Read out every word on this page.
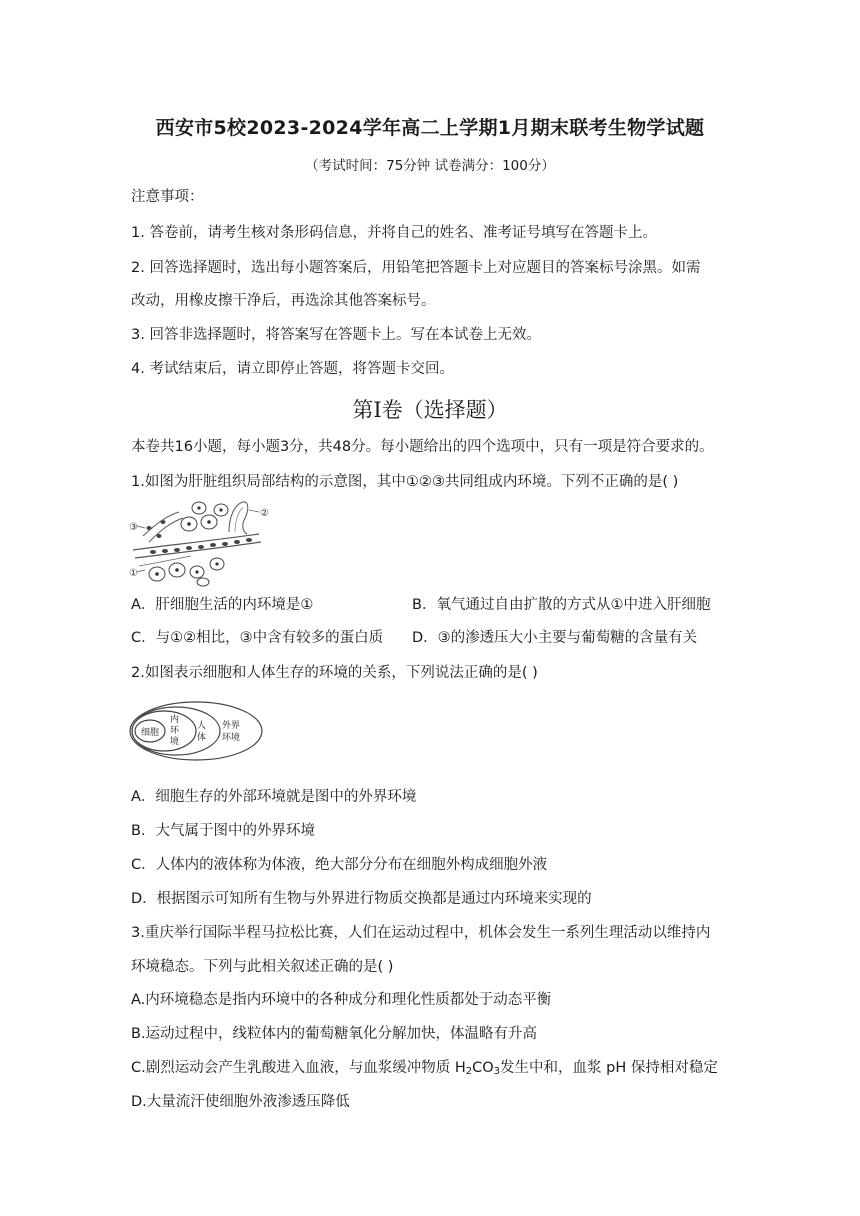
西安市5校2023-2024学年高二上学期1月期末联考生物学试题
（考试时间：75分钟 试卷满分：100分）
注意事项：
1. 答卷前，请考生核对条形码信息，并将自己的姓名、准考证号填写在答题卡上。
2. 回答选择题时，选出每小题答案后，用铅笔把答题卡上对应题目的答案标号涂黑。如需
改动，用橡皮擦干净后，再选涂其他答案标号。
3. 回答非选择题时，将答案写在答题卡上。写在本试卷上无效。
4. 考试结束后，请立即停止答题，将答题卡交回。
第Ⅰ卷（选择题）
本卷共16小题，每小题3分，共48分。每小题给出的四个选项中，只有一项是符合要求的。
1.如图为肝脏组织局部结构的示意图，其中①②③共同组成内环境。下列不正确的是( )
②
③
①
A．肝细胞生活的内环境是①	B．氧气通过自由扩散的方式从①中进入肝细胞
C．与①②相比，③中含有较多的蛋白质 D．③的渗透压大小主要与葡萄糖的含量有关
2.如图表示细胞和人体生存的环境的关系，下列说法正确的是( )
细胞
内
环
境
人
体
外界
环境
A．细胞生存的外部环境就是图中的外界环境
B．大气属于图中的外界环境
C．人体内的液体称为体液，绝大部分分布在细胞外构成细胞外液
D．根据图示可知所有生物与外界进行物质交换都是通过内环境来实现的
3.重庆举行国际半程马拉松比赛，人们在运动过程中，机体会发生一系列生理活动以维持内
环境稳态。下列与此相关叙述正确的是( )
A.内环境稳态是指内环境中的各种成分和理化性质都处于动态平衡
B.运动过程中，线粒体内的葡萄糖氧化分解加快，体温略有升高
C.剧烈运动会产生乳酸进入血液，与血浆缓冲物质 $H_2CO_3$发生中和，血浆 pH 保持相对稳定
D.大量流汗使细胞外液渗透压降低
